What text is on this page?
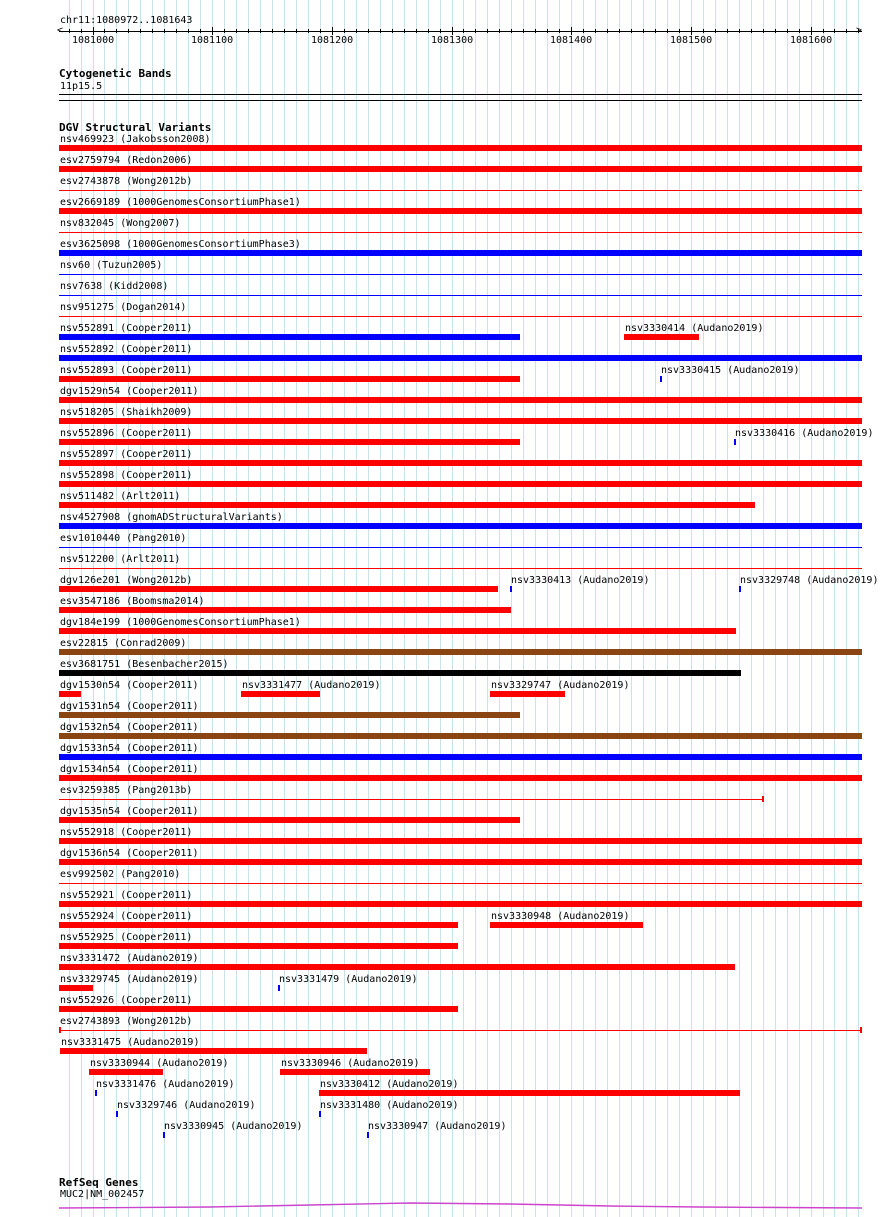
chr11:1080972..1081643
<	>
1081000	1081100	1081200	1081300	1081400	1081500	1081600
Cytogenetic Bands
11p15.5
DGV Structural Variants
nsv469923 (Jakobsson2008)
esv2759794 (Redon2006)
esv2743878 (Wong2012b)
esv2669189 (1000GenomesConsortiumPhase1)
nsv832045 (Wong2007)
esv3625098 (1000GenomesConsortiumPhase3)
nsv60 (Tuzun2005)
nsv7638 (Kidd2008)
nsv951275 (Dogan2014)
nsv552891 (Cooper2011)	nsv3330414 (Audano2019)
nsv552892 (Cooper2011)
nsv552893 (Cooper2011)	nsv3330415 (Audano2019)
dgv1529n54 (Cooper2011)
nsv518205 (Shaikh2009)
nsv552896 (Cooper2011)	nsv3330416 (Audano2019)
nsv552897 (Cooper2011)
nsv552898 (Cooper2011)
nsv511482 (Arlt2011)
nsv4527908 (gnomADStructuralVariants)
esv1010440 (Pang2010)
nsv512200 (Arlt2011)
dgv126e201 (Wong2012b)	nsv3330413 (Audano2019)	nsv3329748 (Audano2019)
esv3547186 (Boomsma2014)
dgv184e199 (1000GenomesConsortiumPhase1)
esv22815 (Conrad2009)
esv3681751 (Besenbacher2015)
dgv1530n54 (Cooper2011)	nsv3331477 (Audano2019)	nsv3329747 (Audano2019)
dgv1531n54 (Cooper2011)
dgv1532n54 (Cooper2011)
dgv1533n54 (Cooper2011)
dgv1534n54 (Cooper2011)
esv3259385 (Pang2013b)
dgv1535n54 (Cooper2011)
nsv552918 (Cooper2011)
dgv1536n54 (Cooper2011)
esv992502 (Pang2010)
nsv552921 (Cooper2011)
nsv552924 (Cooper2011)	nsv3330948 (Audano2019)
nsv552925 (Cooper2011)
nsv3331472 (Audano2019)
nsv3329745 (Audano2019)	nsv3331479 (Audano2019)
nsv552926 (Cooper2011)
esv2743893 (Wong2012b)
nsv3331475 (Audano2019)
nsv3330944 (Audano2019)	nsv3330946 (Audano2019)
nsv3331476 (Audano2019)	nsv3330412 (Audano2019)
nsv3329746 (Audano2019)	nsv3331480 (Audano2019)
nsv3330945 (Audano2019)	nsv3330947 (Audano2019)
RefSeq Genes
MUC2|NM_002457
